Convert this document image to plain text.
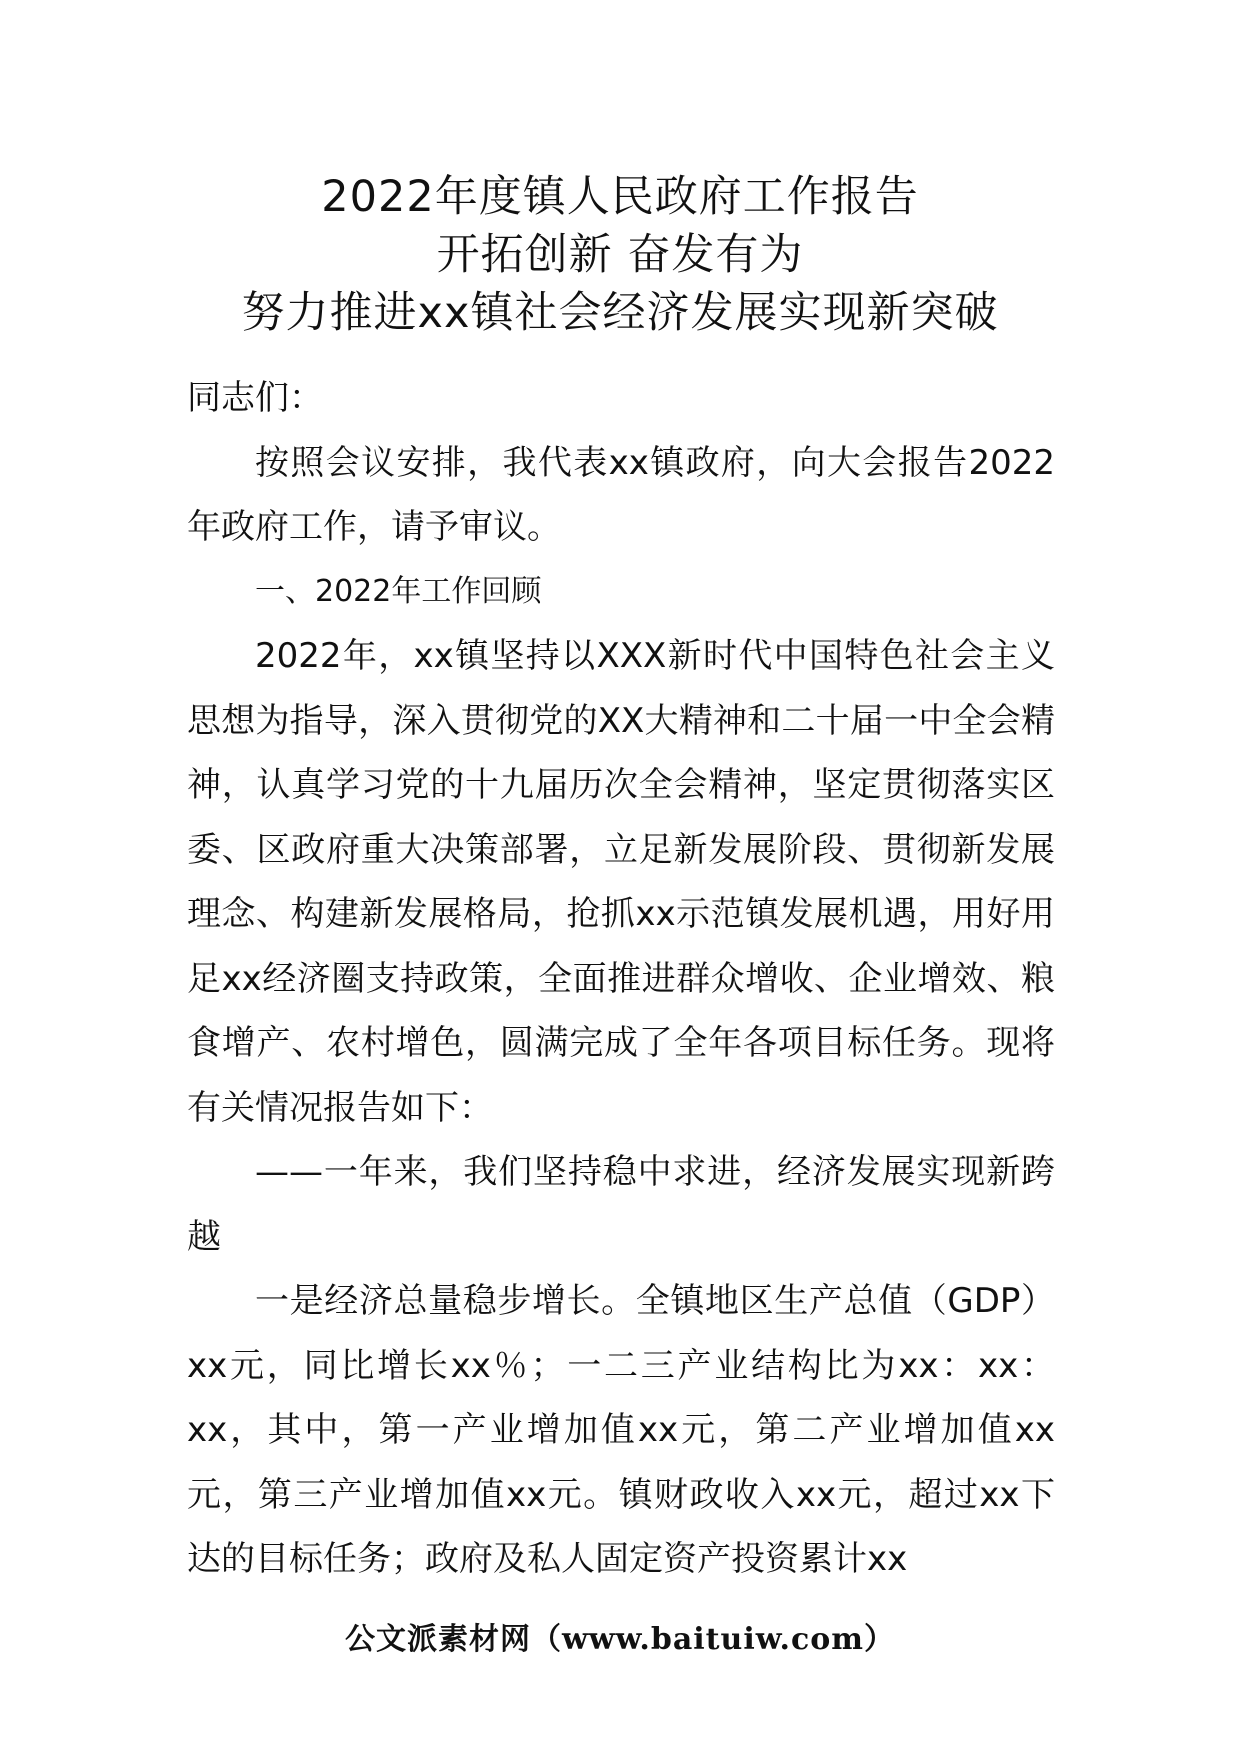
2022年度镇人民政府工作报告
开拓创新 奋发有为
努力推进xx镇社会经济发展实现新突破

同志们：

按照会议安排，我代表xx镇政府，向大会报告2022年政府工作，请予审议。

一、2022年工作回顾

2022年，xx镇坚持以XXX新时代中国特色社会主义思想为指导，深入贯彻党的XX大精神和二十届一中全会精神，认真学习党的十九届历次全会精神，坚定贯彻落实区委、区政府重大决策部署，立足新发展阶段、贯彻新发展理念、构建新发展格局，抢抓xx示范镇发展机遇，用好用足xx经济圈支持政策，全面推进群众增收、企业增效、粮食增产、农村增色，圆满完成了全年各项目标任务。现将有关情况报告如下：

——一年来，我们坚持稳中求进，经济发展实现新跨越

一是经济总量稳步增长。全镇地区生产总值（GDP）xx元，同比增长xx％；一二三产业结构比为xx：xx：xx，其中，第一产业增加值xx元，第二产业增加值xx元，第三产业增加值xx元。镇财政收入xx元，超过xx下达的目标任务；政府及私人固定资产投资累计xx

公文派素材网（www.baituiw.com）
